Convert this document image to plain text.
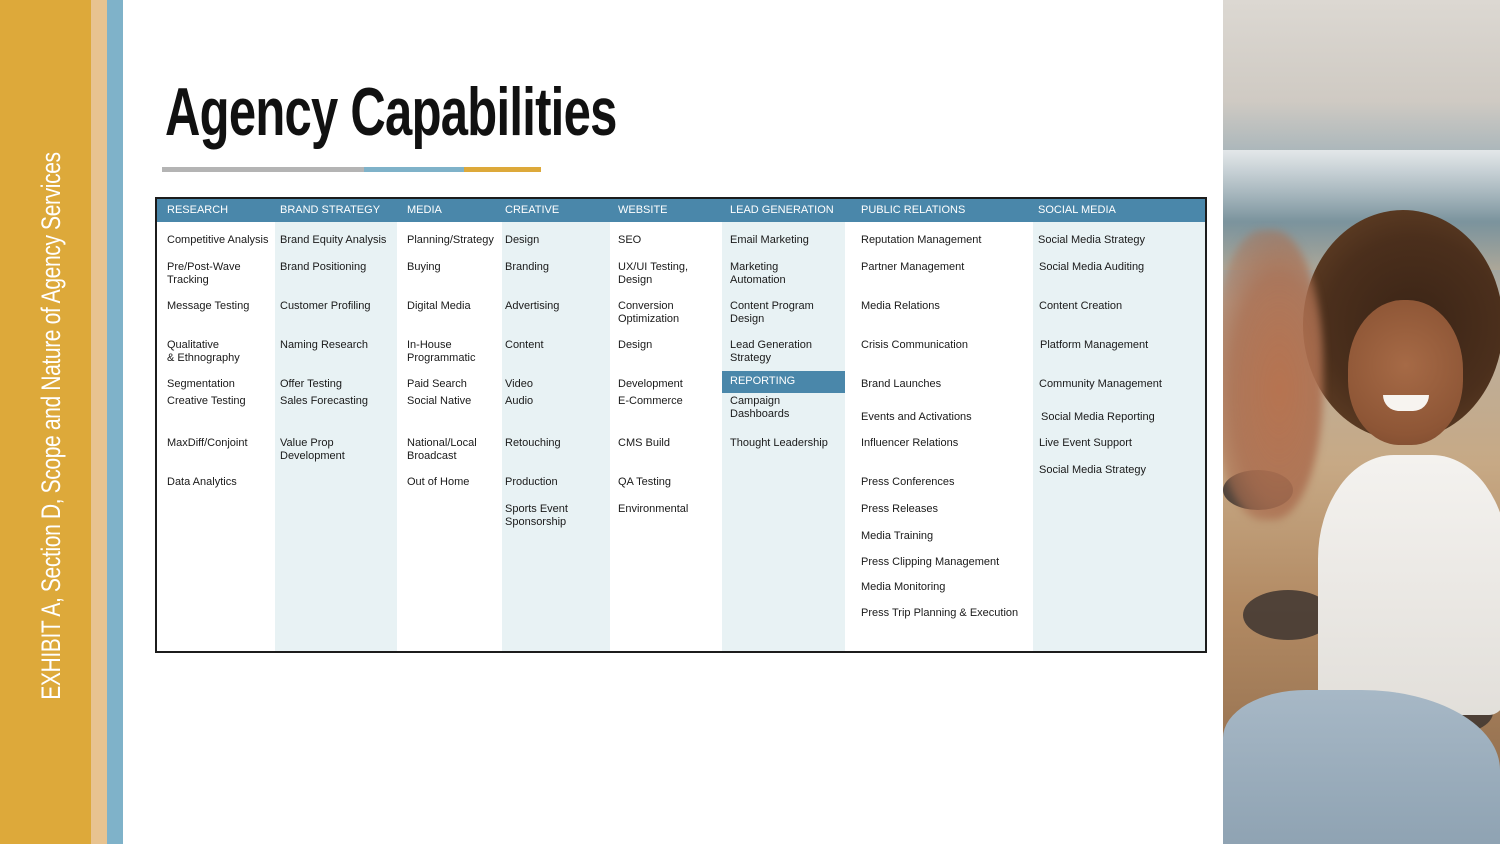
EXHIBIT A, Section D, Scope and Nature of Agency Services
Agency Capabilities
RESEARCH
Competitive Analysis
Pre/Post-Wave
Tracking
Message Testing
Qualitative
& Ethnography
Segmentation
Creative Testing
MaxDiff/Conjoint
Data Analytics
BRAND STRATEGY
Brand Equity Analysis
Brand Positioning
Customer Profiling
Naming Research
Offer Testing
Sales Forecasting
Value Prop
Development
MEDIA
Planning/Strategy
Buying
Digital Media
In-House
Programmatic
Paid Search
Social Native
National/Local
Broadcast
Out of Home
CREATIVE
Design
Branding
Advertising
Content
Video
Audio
Retouching
Production
Sports Event
Sponsorship
WEBSITE
SEO
UX/UI Testing,
Design
Conversion
Optimization
Design
Development
E-Commerce
CMS Build
QA Testing
Environmental
LEAD GENERATION
Email Marketing
Marketing
Automation
Content Program
Design
Lead Generation
Strategy
REPORTING
Campaign
Dashboards
Thought Leadership
PUBLIC RELATIONS
Reputation Management
Partner Management
Media Relations
Crisis Communication
Brand Launches
Events and Activations
Influencer Relations
Press Conferences
Press Releases
Media Training
Press Clipping Management
Media Monitoring
Press Trip Planning & Execution
SOCIAL MEDIA
Social Media Strategy
Social Media Auditing
Content Creation
Platform Management
Community Management
Social Media Reporting
Live Event Support
Social Media Strategy
